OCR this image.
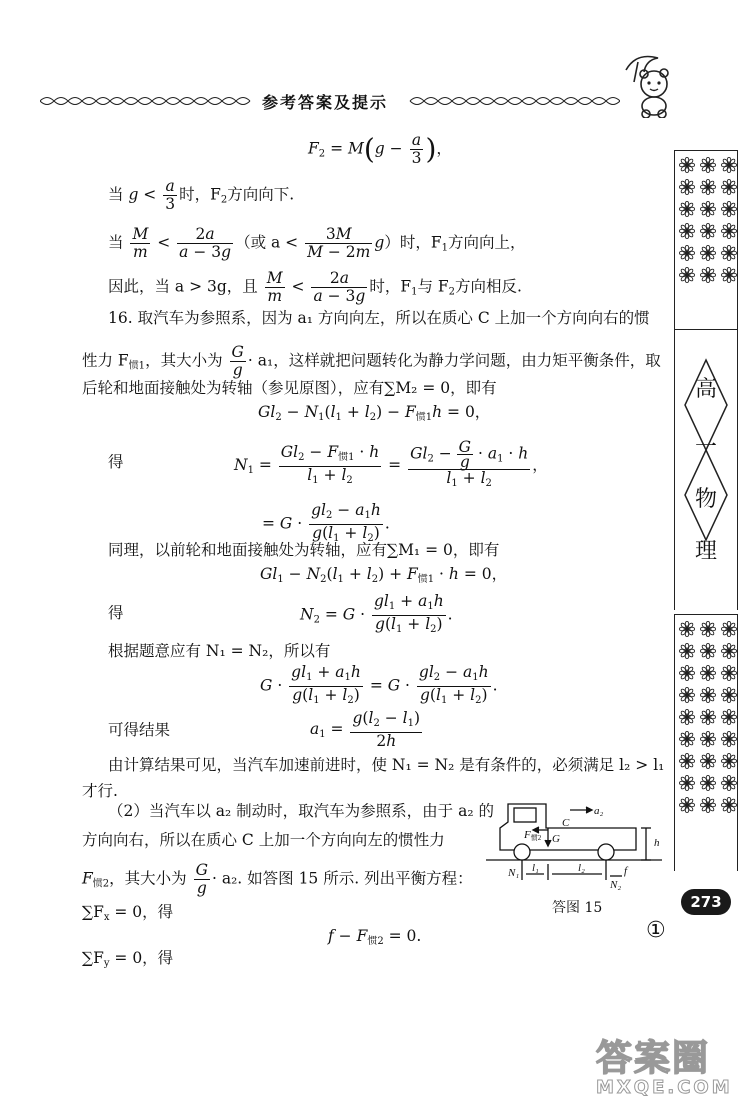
参考答案及提示
高
一
物
理
273
①
$F_2 = M(g - \frac{a}{3}$ )，
当 $g < \frac{a}{3}$ 时，$F_2$方向向下.
当 $\frac{M}{m} < \frac{2a}{a - 3g}$ （或 $a < \frac{3M}{M - 2m} g$）时，$F_1$方向向上，
因此，当 a > 3g，且 $\frac{M}{m} < \frac{2a}{a - 3g}$ 时，$F_1$与 $F_2$方向相反.
16. 取汽车为参照系，因为 a₁ 方向向左，所以在质心 C 上加一个方向向右的惯
性力 $F_{惯1}$，其大小为 $\frac{G}{g} \cdot a_1$，这样就把问题转化为静力学问题，由力矩平衡条件，取
后轮和地面接触处为转轴（参见原图），应有∑M₂ = 0，即有
$Gl_2 - N_1(l_1 + l_2) - F_{惯1}h = 0$，
得	$N_1 = \frac{Gl_2 - F_{惯1} \cdot h}{l_1 + l_2} = \frac{Gl_2 - \frac{G}{g} \cdot a_1 \cdot h}{l_1 + l_2}$ ，
= $G \cdot \frac{gl_2 - a_1h}{g(l_1 + l_2)}$ .
同理，以前轮和地面接触处为转轴，应有∑M₁ = 0，即有
$Gl_1 - N_2(l_1 + l_2) + F_{惯1} \cdot h = 0$，
得	$N_2 = G \cdot \frac{gl_1 + a_1h}{g(l_1 + l_2)}$ .
根据题意应有 N₁ = N₂，所以有
$G \cdot \frac{gl_1 + a_1h}{g(l_1 + l_2)} = G \cdot \frac{gl_2 - a_1h}{g(l_1 + l_2)}$ .
可得结果	$a_1 = \frac{g(l_2 - l_1)}{2h}$
由计算结果可见，当汽车加速前进时，使 N₁ = N₂ 是有条件的，必须满足 l₂ > l₁
才行.
（2）当汽车以 a₂ 制动时，取汽车为参照系，由于 a₂ 的
方向向右，所以在质心 C 上加一个方向向左的惯性力
$F_{惯2}$，其大小为 $\frac{G}{g} \cdot a_2$. 如答图 15 所示. 列出平衡方程：
$\sum F_x = 0$，得
$f - F_{惯2} = 0$.
$\sum F_y = 0$，得
a₂
C
F惯2 G	h
N₁ l₁	l₂
N₂
f
答图 15
答案圈
MXQE.COM
